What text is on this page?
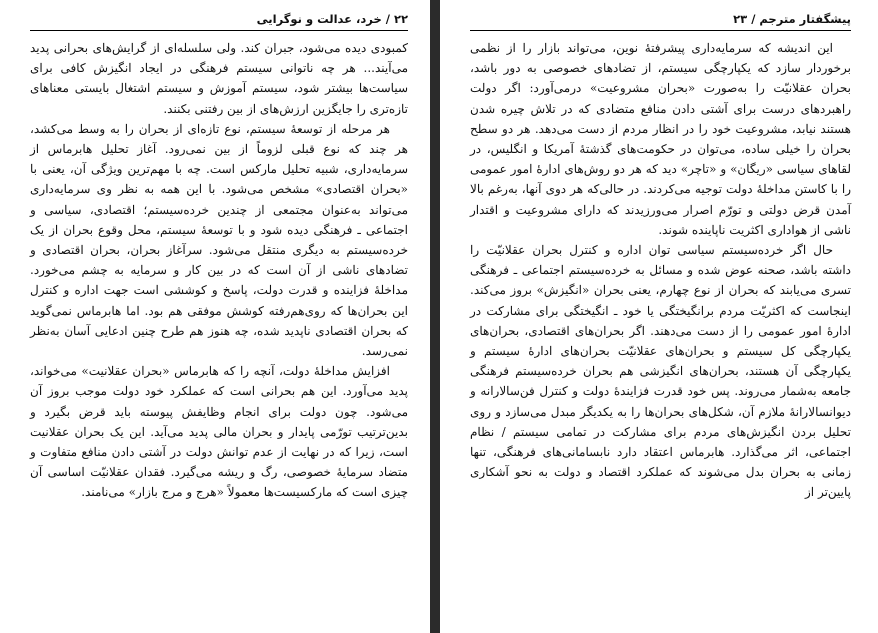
۲۲ / خرد، عدالت و نوگرایی

کمبودی دیده می‌شود، جبران کند. ولی سلسله‌ای از گرایش‌های بحرانی پدید می‌آیند... هر چه ناتوانی سیستم فرهنگی در ایجاد انگیزش کافی برای سیاست‌ها بیشتر شود، سیستم آموزش و سیستم اشتغال بایستی معناهای تازه‌تری را جایگزین ارزش‌های از بین رفتنی بکنند.

هر مرحله از توسعهٔ سیستم، نوع تازه‌ای از بحران را به وسط می‌کشد، هر چند که نوع قبلی لزوماً از بین نمی‌رود. آغاز تحلیل هابرماس از سرمایه‌داری، شبیه تحلیل مارکس است. چه با مهم‌ترین ویژگی آن، یعنی با «بحران اقتصادی» مشخص می‌شود. با این همه به نظر وی سرمایه‌داری می‌تواند به‌عنوان مجتمعی از چندین خرده‌سیستم؛ اقتصادی، سیاسی و اجتماعی ـ فرهنگی دیده شود و با توسعهٔ سیستم، محل وقوع بحران از یک خرده‌سیستم به دیگری منتقل می‌شود. سرآغاز بحران، بحران اقتصادی و تضادهای ناشی از آن است که در بین کار و سرمایه به چشم می‌خورد. مداخلهٔ فزاینده و قدرت دولت، پاسخ و کوششی است جهت اداره و کنترل این بحران‌ها که روی‌هم‌رفته کوشش موفقی هم بود. اما هابرماس نمی‌گوید که بحران اقتصادی ناپدید شده، چه هنوز هم طرح چنین ادعایی آسان به‌نظر نمی‌رسد.

افزایش مداخلهٔ دولت، آنچه را که هابرماس «بحران عقلانیت» می‌خواند، پدید می‌آورد. این هم بحرانی است که عملکرد خود دولت موجب بروز آن می‌شود. چون دولت برای انجام وظایفش پیوسته باید قرض بگیرد و بدین‌ترتیب تورّمی پایدار و بحران مالی پدید می‌آید. این یک بحران عقلانیت است، زیرا که در نهایت از عدم توانش دولت در آشتی دادن منافع متفاوت و متضاد سرمایهٔ خصوصی، رگ و ریشه می‌گیرد. فقدان عقلانیّت اساسی آن چیزی است که مارکسیست‌ها معمولاً «هرج و مرج بازار» می‌نامند.

پیشگفتار مترجم / ۲۳

این اندیشه که سرمایه‌داری پیشرفتهٔ نوین، می‌تواند بازار را از نظمی برخوردار سازد که یکپارچگی سیستم، از تضادهای خصوصی به دور باشد، بحران عقلانیّت را به‌صورت «بحران مشروعیت» درمی‌آورد: اگر دولت راهبردهای درست برای آشتی دادن منافع متضادی که در تلاش چیره شدن هستند نیابد، مشروعیت خود را در انظار مردم از دست می‌دهد. هر دو سطح بحران را خیلی ساده، می‌توان در حکومت‌های گذشتهٔ آمریکا و انگلیس، در لقاهای سیاسی «ریگان» و «تاچر» دید که هر دو روش‌های ادارهٔ امور عمومی را با کاستن مداخلهٔ دولت توجیه می‌کردند. در حالی‌که هر دوی آنها، به‌رغم بالا آمدن قرض دولتی و تورّم اصرار می‌ورزیدند که دارای مشروعیت و اقتدار ناشی از هواداری اکثریت ناپاینده شوند.

حال اگر خرده‌سیستم سیاسی توان اداره و کنترل بحران عقلانیّت را داشته باشد، صحنه عوض شده و مسائل به خرده‌سیستم اجتماعی ـ فرهنگی تسری می‌یابند که بحران از نوع چهارم، یعنی بحران «انگیزش» بروز می‌کند. اینجاست که اکثریّت مردم برانگیختگی یا خود ـ انگیختگی برای مشارکت در ادارهٔ امور عمومی را از دست می‌دهند. اگر بحران‌های اقتصادی، بحران‌های یکپارچگی کل سیستم و بحران‌های عقلانیّت بحران‌های ادارهٔ سیستم و یکپارچگی آن هستند، بحران‌های انگیزشی هم بحران خرده‌سیستم فرهنگی جامعه به‌شمار می‌روند. پس خود قدرت فزایندهٔ دولت و کنترل فن‌سالارانه و دیوانسالارانهٔ ملازم آن، شکل‌های بحران‌ها را به یکدیگر مبدل می‌سازد و روی تحلیل بردن انگیزش‌های مردم برای مشارکت در تمامی سیستم / نظام اجتماعی، اثر می‌گذارد. هابرماس اعتقاد دارد نابسامانی‌های فرهنگی، تنها زمانی به بحران بدل می‌شوند که عملکرد اقتصاد و دولت به نحو آشکاری پایین‌تر از
